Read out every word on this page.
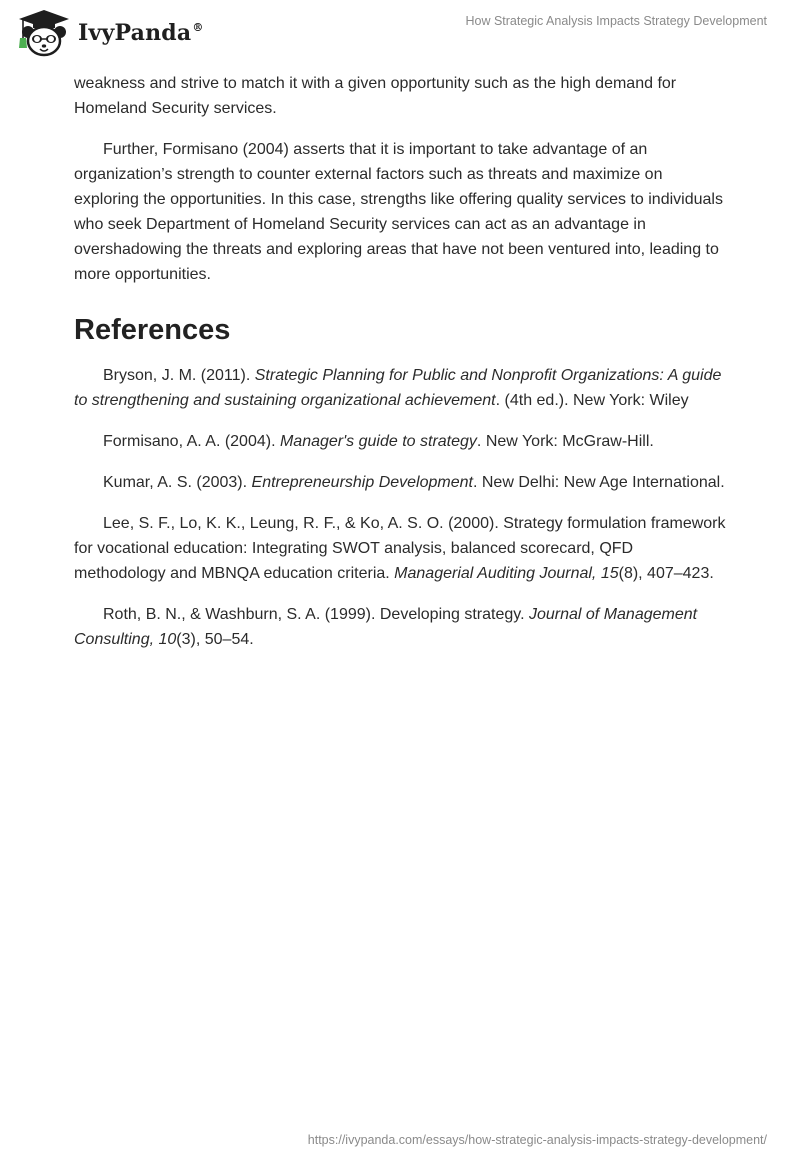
IvyPanda®	How Strategic Analysis Impacts Strategy Development

weakness and strive to match it with a given opportunity such as the high demand for Homeland Security services.

Further, Formisano (2004) asserts that it is important to take advantage of an organization’s strength to counter external factors such as threats and maximize on exploring the opportunities. In this case, strengths like offering quality services to individuals who seek Department of Homeland Security services can act as an advantage in overshadowing the threats and exploring areas that have not been ventured into, leading to more opportunities.

References

Bryson, J. M. (2011). Strategic Planning for Public and Nonprofit Organizations: A guide to strengthening and sustaining organizational achievement. (4th ed.). New York: Wiley

Formisano, A. A. (2004). Manager's guide to strategy. New York: McGraw-Hill.

Kumar, A. S. (2003). Entrepreneurship Development. New Delhi: New Age International.

Lee, S. F., Lo, K. K., Leung, R. F., & Ko, A. S. O. (2000). Strategy formulation framework for vocational education: Integrating SWOT analysis, balanced scorecard, QFD methodology and MBNQA education criteria. Managerial Auditing Journal, 15(8), 407–423.

Roth, B. N., & Washburn, S. A. (1999). Developing strategy. Journal of Management Consulting, 10(3), 50–54.

https://ivypanda.com/essays/how-strategic-analysis-impacts-strategy-development/
